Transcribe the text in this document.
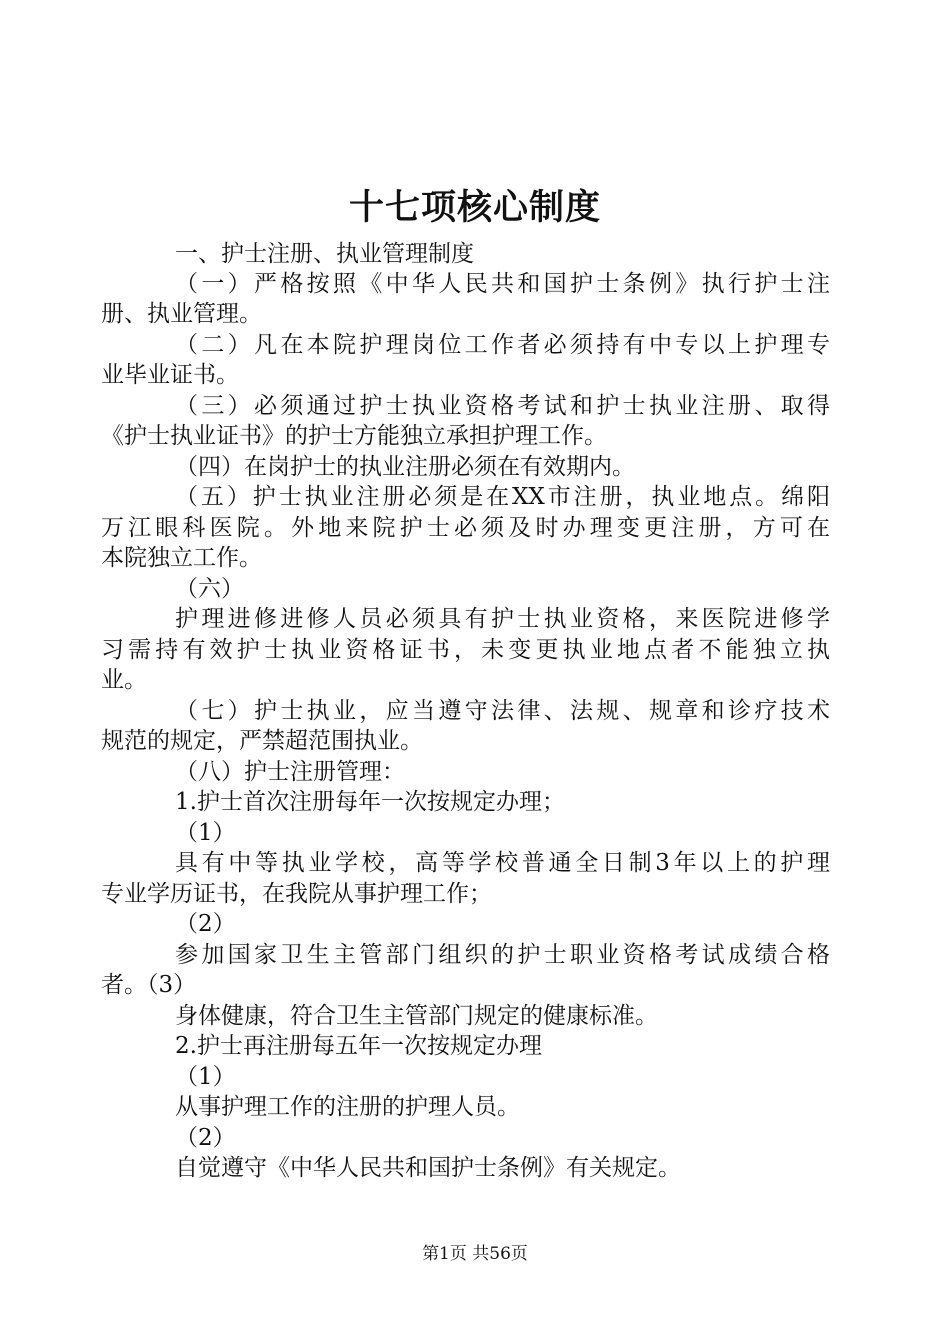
十七项核心制度
一、护士注册、执业管理制度
（一）严格按照《中华人民共和国护士条例》执行护士注
册、执业管理。
（二）凡在本院护理岗位工作者必须持有中专以上护理专
业毕业证书。
（三）必须通过护士执业资格考试和护士执业注册、取得
《护士执业证书》的护士方能独立承担护理工作。
（四）在岗护士的执业注册必须在有效期内。
（五）护士执业注册必须是在XX市注册，执业地点。绵阳
万江眼科医院。外地来院护士必须及时办理变更注册，方可在
本院独立工作。
（六）
护理进修进修人员必须具有护士执业资格，来医院进修学
习需持有效护士执业资格证书，未变更执业地点者不能独立执
业。
（七）护士执业，应当遵守法律、法规、规章和诊疗技术
规范的规定，严禁超范围执业。
（八）护士注册管理：
1.护士首次注册每年一次按规定办理；
（1）
具有中等执业学校，高等学校普通全日制3年以上的护理
专业学历证书，在我院从事护理工作；
（2）
参加国家卫生主管部门组织的护士职业资格考试成绩合格
者。（3）
身体健康，符合卫生主管部门规定的健康标准。
2.护士再注册每五年一次按规定办理
（1）
从事护理工作的注册的护理人员。
（2）
自觉遵守《中华人民共和国护士条例》有关规定。
第1页 共56页
